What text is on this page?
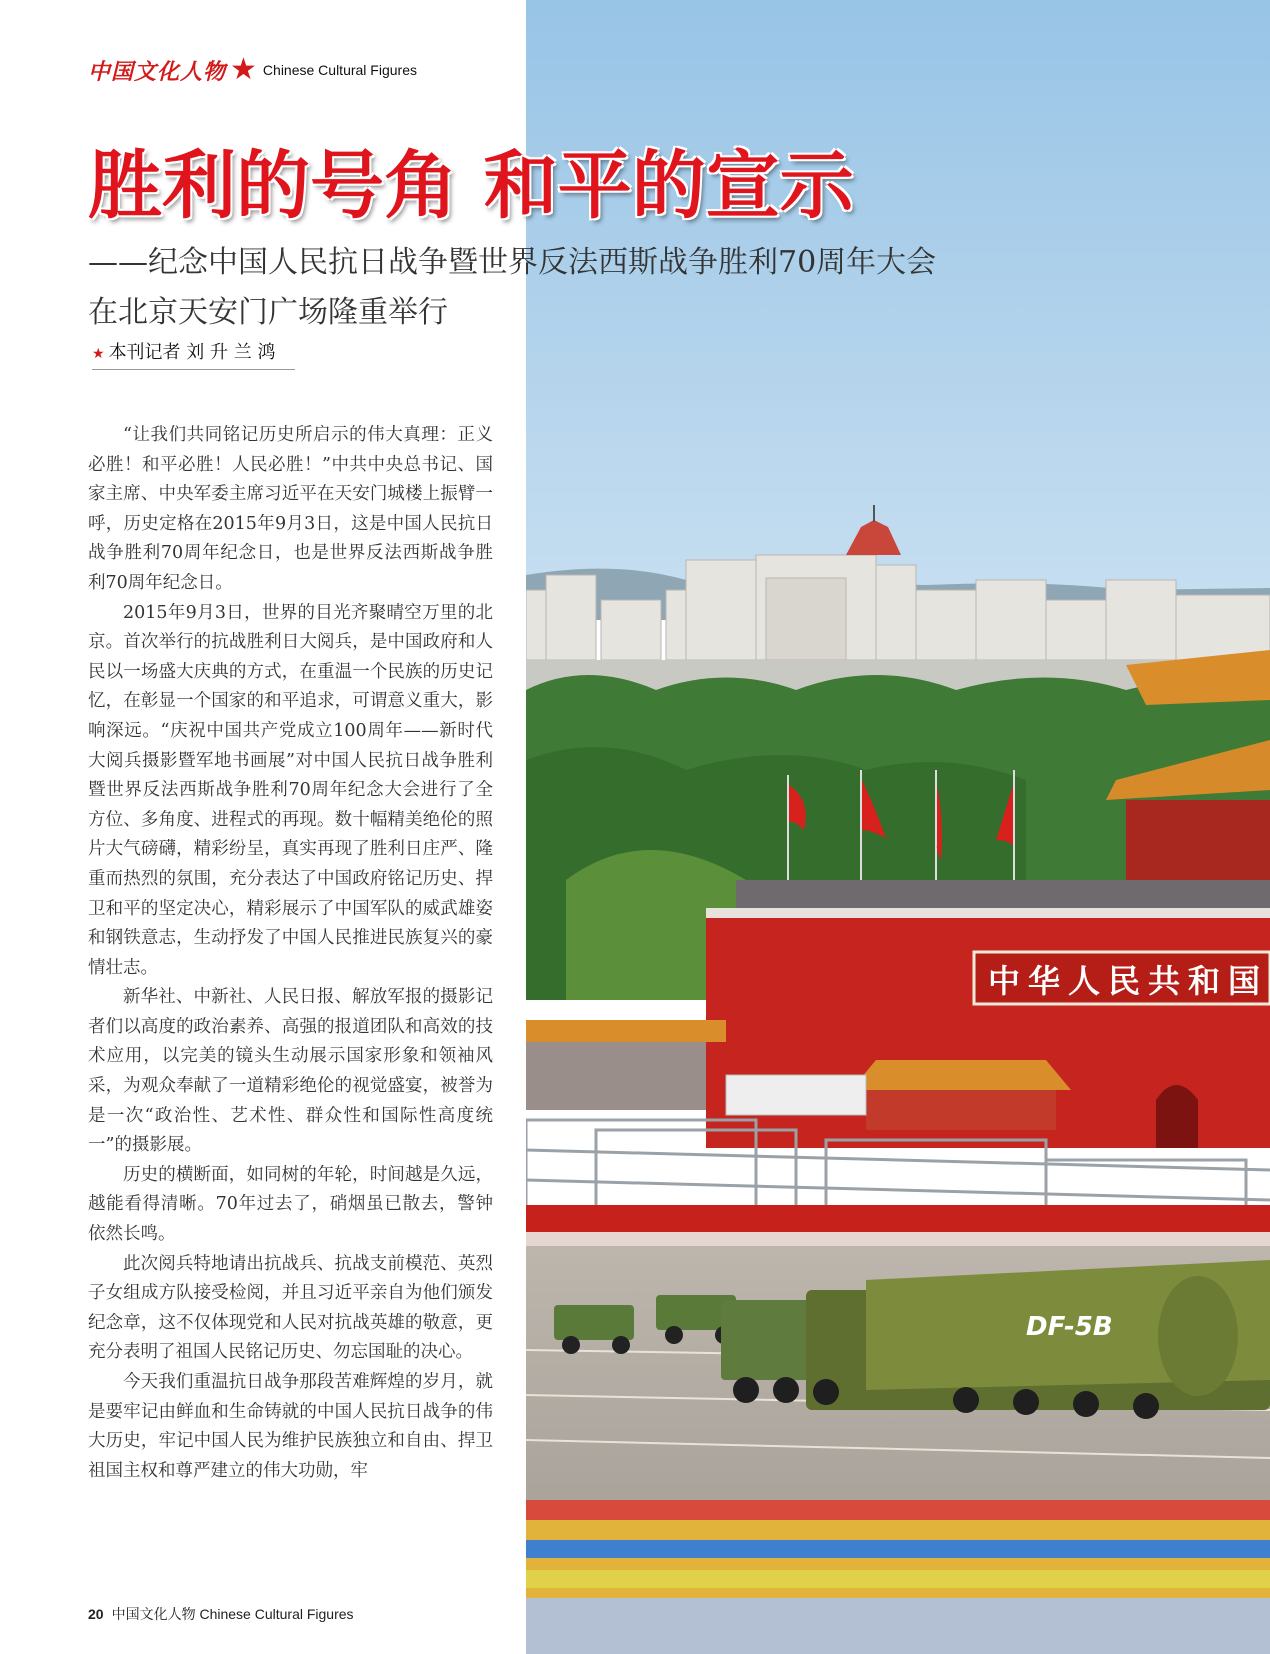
中华人民共和国
DF-5B
中国文化人物 ★ Chinese Cultural Figures
胜利的号角 和平的宣示
——纪念中国人民抗日战争暨世界反法西斯战争胜利70周年大会
在北京天安门广场隆重举行
★ 本刊记者 刘 升 兰 鸿

“让我们共同铭记历史所启示的伟大真理：正义必胜！和平必胜！人民必胜！”中共中央总书记、国家主席、中央军委主席习近平在天安门城楼上振臂一呼，历史定格在2015年9月3日，这是中国人民抗日战争胜利70周年纪念日，也是世界反法西斯战争胜利70周年纪念日。

2015年9月3日，世界的目光齐聚晴空万里的北京。首次举行的抗战胜利日大阅兵，是中国政府和人民以一场盛大庆典的方式，在重温一个民族的历史记忆，在彰显一个国家的和平追求，可谓意义重大，影响深远。“庆祝中国共产党成立100周年——新时代大阅兵摄影暨军地书画展”对中国人民抗日战争胜利暨世界反法西斯战争胜利70周年纪念大会进行了全方位、多角度、进程式的再现。数十幅精美绝伦的照片大气磅礴，精彩纷呈，真实再现了胜利日庄严、隆重而热烈的氛围，充分表达了中国政府铭记历史、捍卫和平的坚定决心，精彩展示了中国军队的威武雄姿和钢铁意志，生动抒发了中国人民推进民族复兴的豪情壮志。

新华社、中新社、人民日报、解放军报的摄影记者们以高度的政治素养、高强的报道团队和高效的技术应用，以完美的镜头生动展示国家形象和领袖风采，为观众奉献了一道精彩绝伦的视觉盛宴，被誉为是一次“政治性、艺术性、群众性和国际性高度统一”的摄影展。

历史的横断面，如同树的年轮，时间越是久远，越能看得清晰。70年过去了，硝烟虽已散去，警钟依然长鸣。

此次阅兵特地请出抗战兵、抗战支前模范、英烈子女组成方队接受检阅，并且习近平亲自为他们颁发纪念章，这不仅体现党和人民对抗战英雄的敬意，更充分表明了祖国人民铭记历史、勿忘国耻的决心。

今天我们重温抗日战争那段苦难辉煌的岁月，就是要牢记由鲜血和生命铸就的中国人民抗日战争的伟大历史，牢记中国人民为维护民族独立和自由、捍卫祖国主权和尊严建立的伟大功勋，牢

20 中国文化人物 Chinese Cultural Figures
